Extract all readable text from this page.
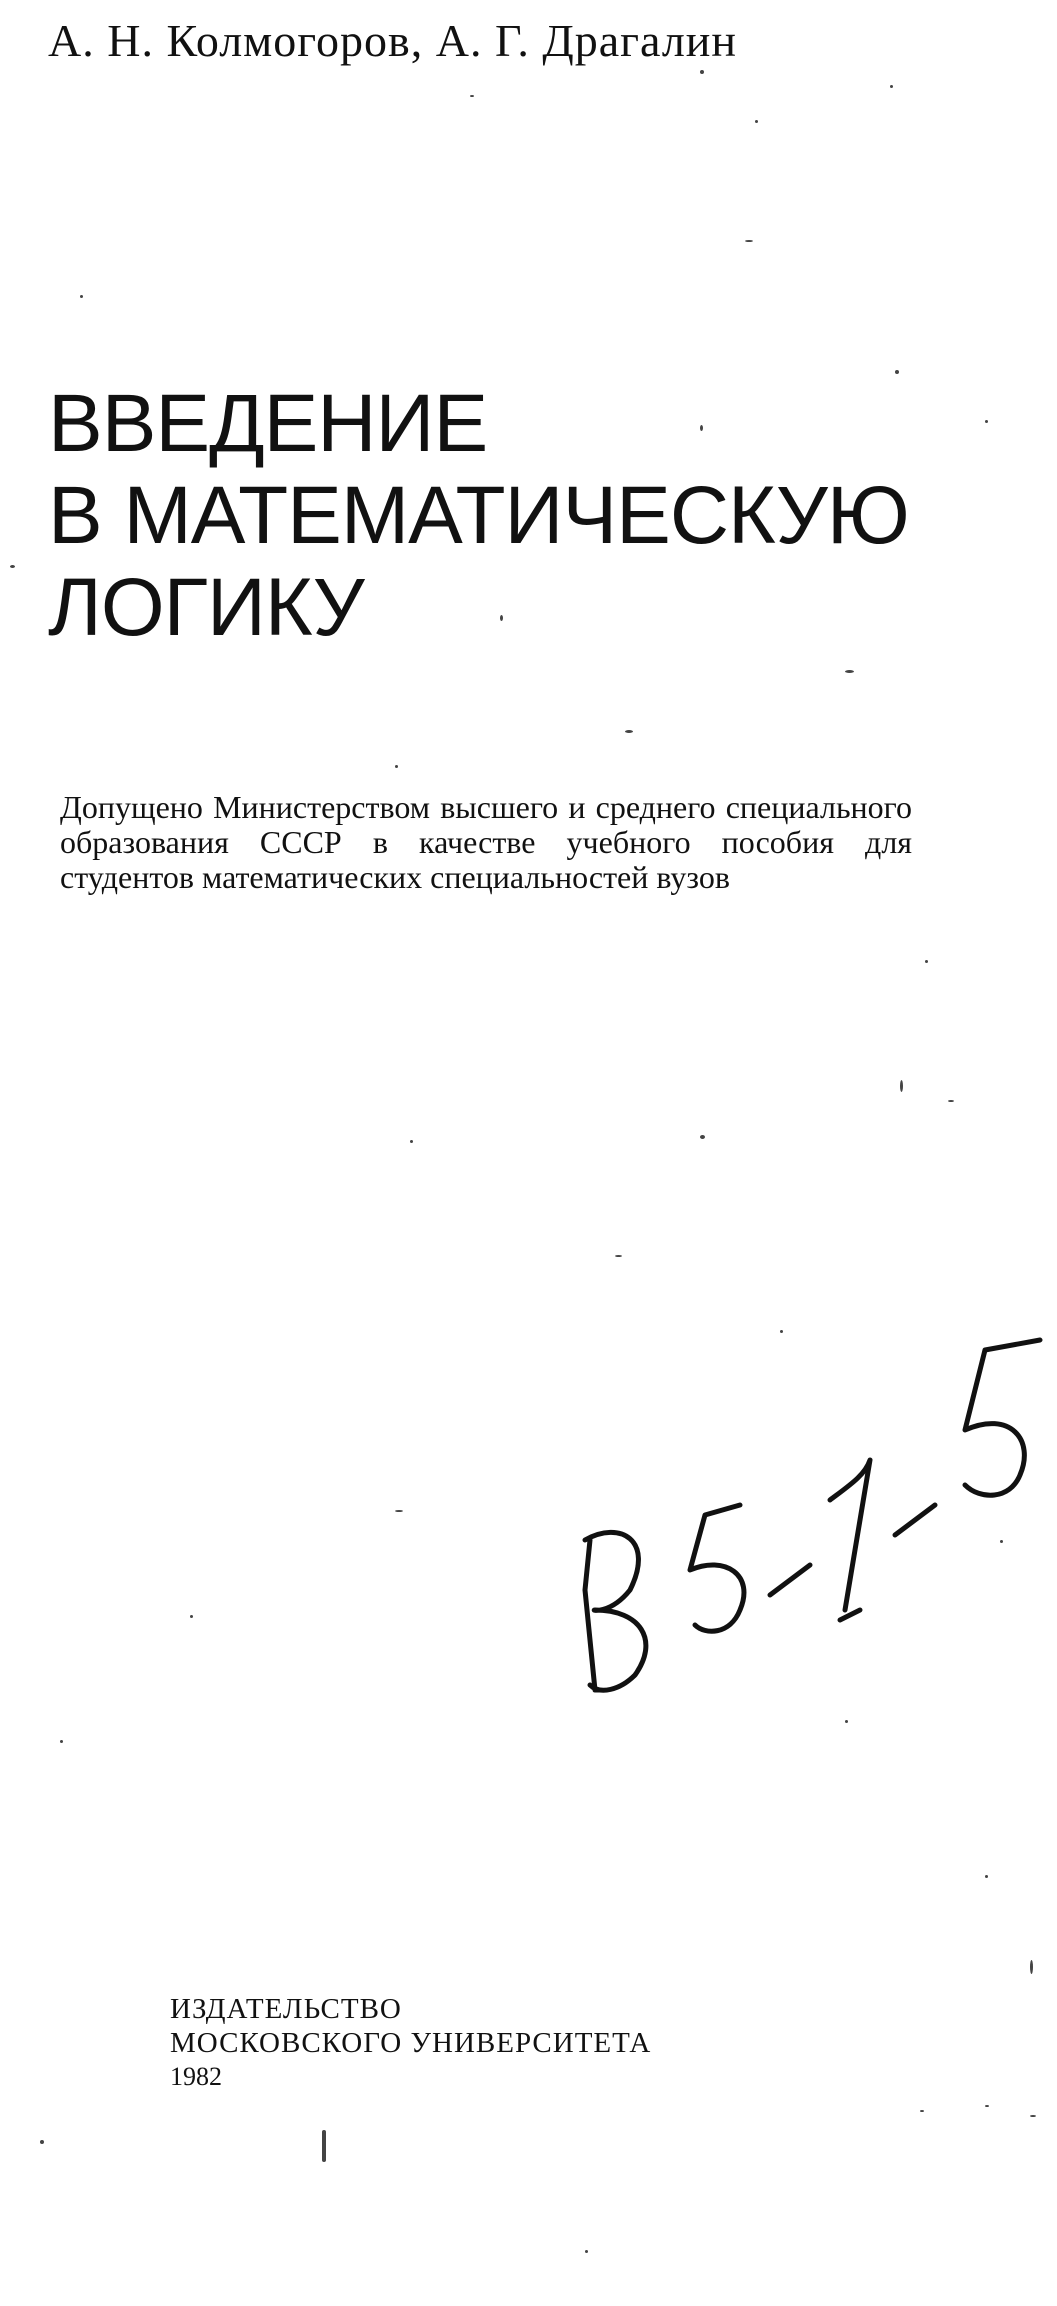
А. Н. Колмогоров, А. Г. Драгалин
ВВЕДЕНИЕ
В МАТЕМАТИЧЕСКУЮ
ЛОГИКУ
Допущено Министерством высшего и среднего специального образования СССР в качестве учебного пособия для студентов математических специальностей вузов
ИЗДАТЕЛЬСТВО
МОСКОВСКОГО УНИВЕРСИТЕТА
1982
